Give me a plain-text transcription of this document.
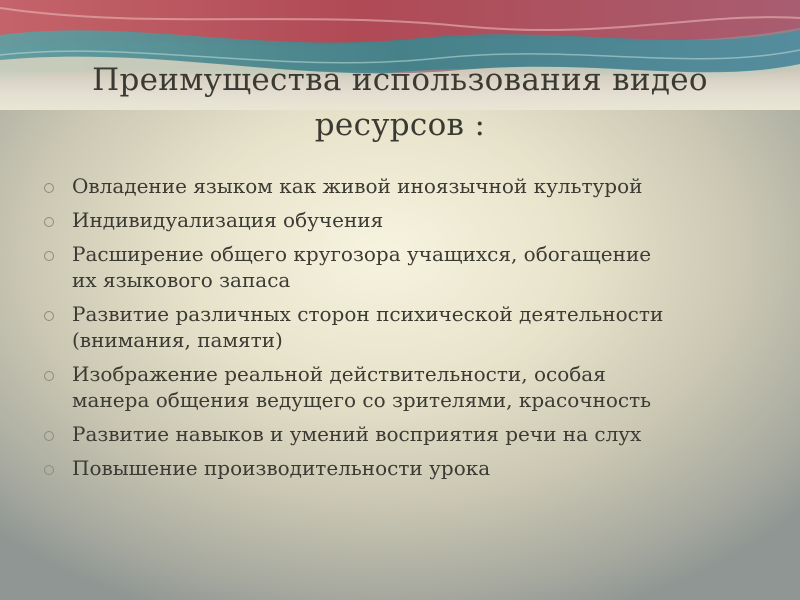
Преимущества использования видео
ресурсов :
Овладение языком как живой иноязычной культурой
Индивидуализация обучения
Расширение общего кругозора учащихся, обогащение
их языкового запаса
Развитие различных сторон психической деятельности
(внимания, памяти)
Изображение реальной действительности, особая
манера общения ведущего со зрителями, красочность
Развитие навыков и умений восприятия речи на слух
Повышение производительности урока
